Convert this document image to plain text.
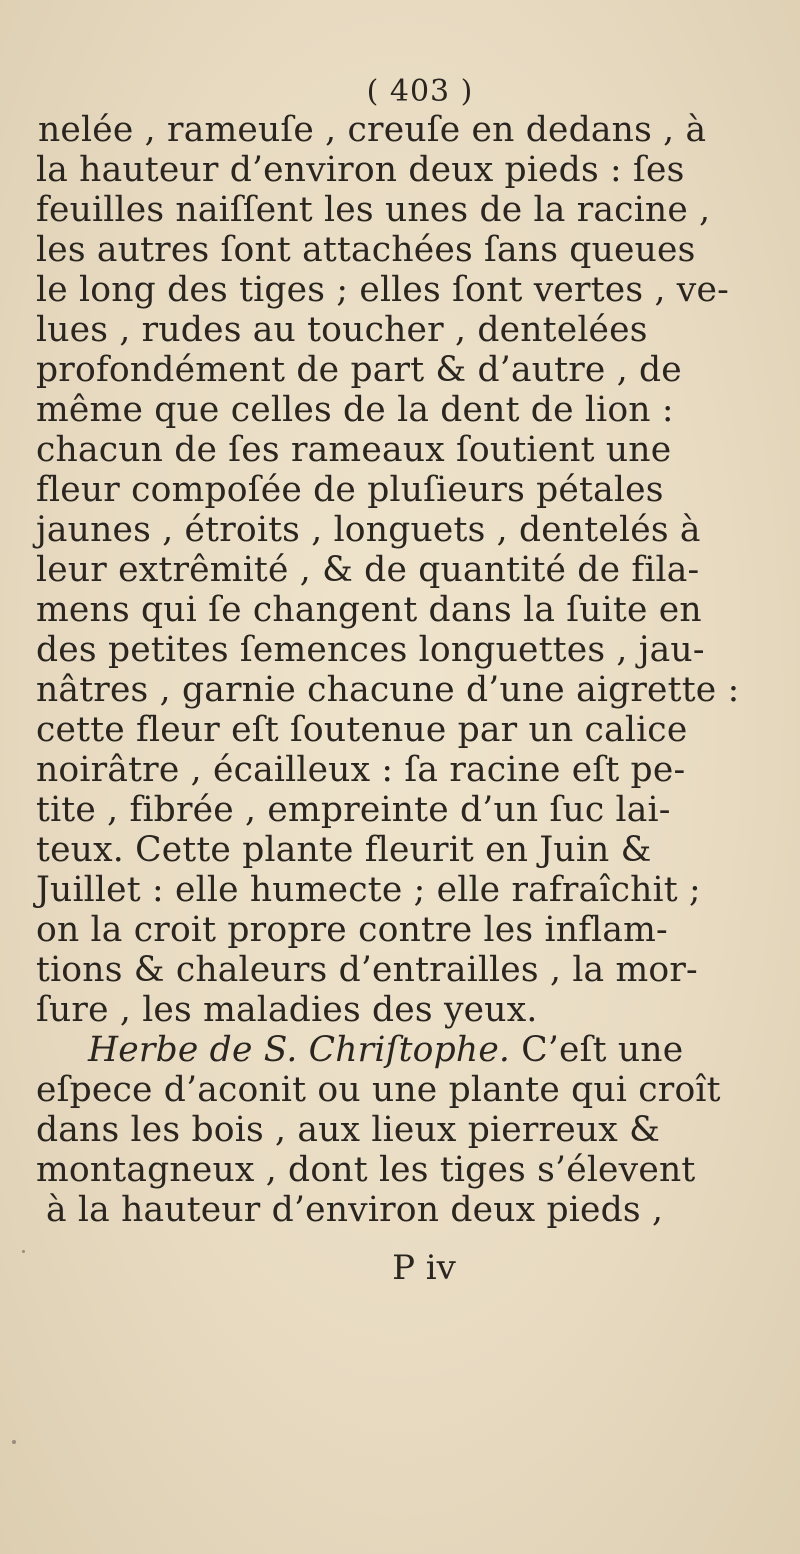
( 403 )
nelée , rameuſe , creuſe en dedans , à
la hauteur d’environ deux pieds : ſes
feuilles naiſſent les unes de la racine ,
les autres ſont attachées ſans queues
le long des tiges ; elles ſont vertes , ve-
lues , rudes au toucher , dentelées
profondément de part & d’autre , de
même que celles de la dent de lion :
chacun de ſes rameaux ſoutient une
fleur compoſée de pluſieurs pétales
jaunes , étroits , longuets , dentelés à
leur extrêmité , & de quantité de fila-
mens qui ſe changent dans la ſuite en
des petites ſemences longuettes , jau-
nâtres , garnie chacune d’une aigrette :
cette fleur eſt ſoutenue par un calice
noirâtre , écailleux : ſa racine eſt pe-
tite , fibrée , empreinte d’un ſuc lai-
teux. Cette plante fleurit en Juin &
Juillet : elle humecte ; elle rafraîchit ;
on la croit propre contre les inflam-
tions & chaleurs d’entrailles , la mor-
ſure , les maladies des yeux.
Herbe de S. Chriſtophe. C’eſt une
eſpece d’aconit ou une plante qui croît
dans les bois , aux lieux pierreux &
montagneux , dont les tiges s’élevent
à la hauteur d’environ deux pieds ,
P iv
